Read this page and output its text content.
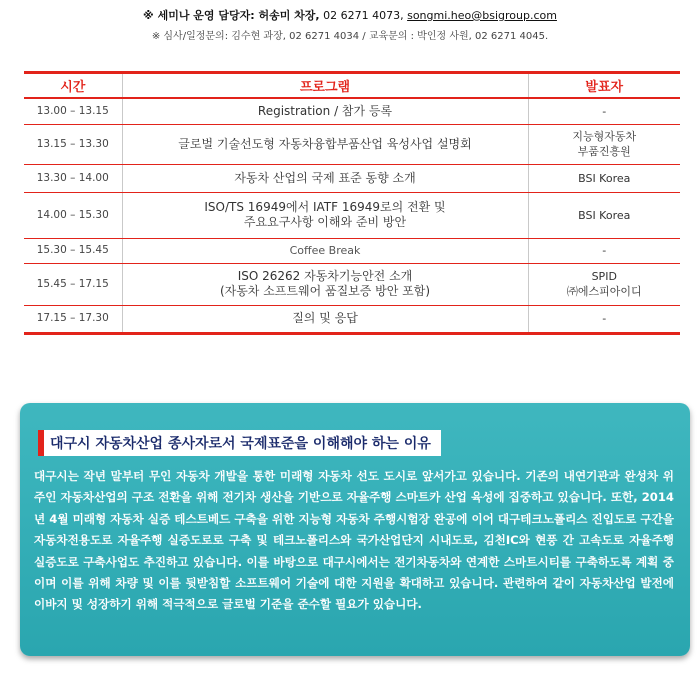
※ 세미나 운영 담당자: 허송미 차장, 02 6271 4073, songmi.heo@bsigroup.com
※ 심사/일정문의: 김수현 과장, 02 6271 4034 / 교육문의 : 박인정 사원, 02 6271 4045.
시간	프로그램	발표자
13.00 – 13.15	Registration / 참가 등록	-
13.15 – 13.30	글로벌 기술선도형 자동차융합부품산업 육성사업 설명회	지능형자동차
부품진흥원
13.30 – 14.00	자동차 산업의 국제 표준 동향 소개	BSI Korea
14.00 – 15.30	ISO/TS 16949에서 IATF 16949로의 전환 및
주요요구사항 이해와 준비 방안	BSI Korea
15.30 – 15.45	Coffee Break	-
15.45 – 17.15	ISO 26262 자동차기능안전 소개
(자동차 소프트웨어 품질보증 방안 포함)	SPID
㈜에스피아이디
17.15 – 17.30	질의 및 응답	-
대구시 자동차산업 종사자로서 국제표준을 이해해야 하는 이유
대구시는 작년 말부터 무인 자동차 개발을 통한 미래형 자동차 선도 도시로 앞서가고 있습니다. 기존의 내연기관과 완성차 위주인 자동차산업의 구조 전환을 위해 전기차 생산을 기반으로 자율주행 스마트카 산업 육성에 집중하고 있습니다. 또한, 2014년 4월 미래형 자동차 실증 테스트베드 구축을 위한 지능형 자동차 주행시험장 완공에 이어 대구테크노폴리스 진입도로 구간을 자동차전용도로 자율주행 실증도로로 구축 및 테크노폴리스와 국가산업단지 시내도로, 김천IC와 현풍 간 고속도로 자율주행 실증도로 구축사업도 추진하고 있습니다. 이를 바탕으로 대구시에서는 전기차동차와 연계한 스마트시티를 구축하도록 계획 중이며 이를 위해 차량 및 이를 뒷받침할 소프트웨어 기술에 대한 지원을 확대하고 있습니다. 관련하여 같이 자동차산업 발전에 이바지 및 성장하기 위해 적극적으로 글로벌 기준을 준수할 필요가 있습니다.
